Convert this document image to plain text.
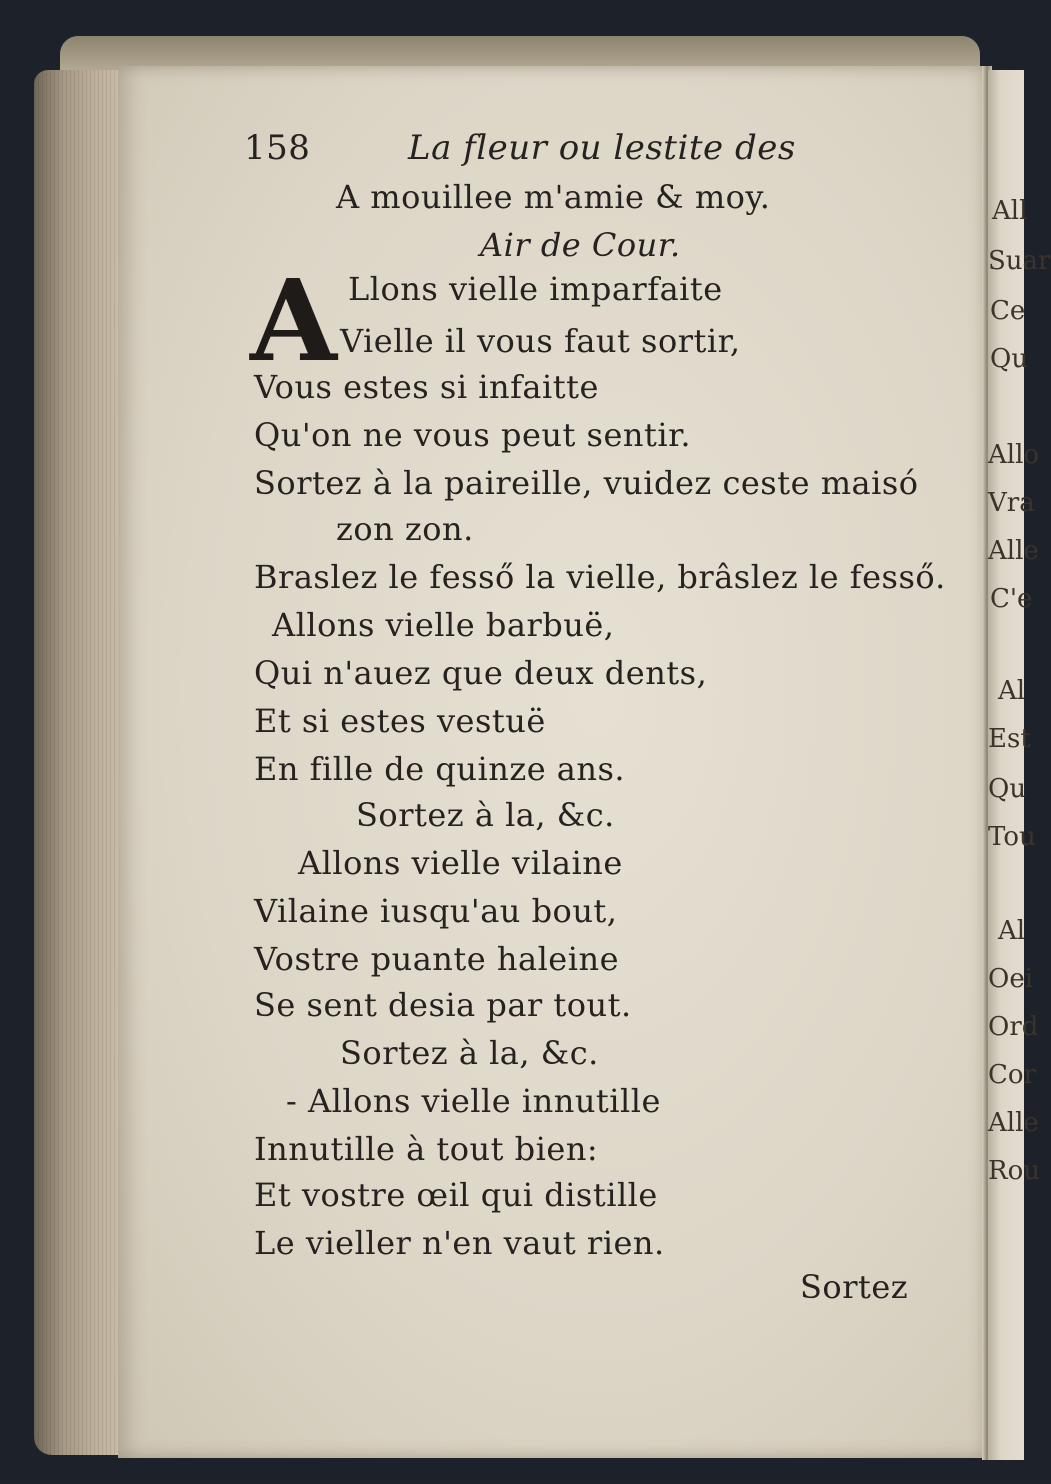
158	La fleur ou lestite des
A mouillee m'amie & moy.
Air de Cour.
A Llons vielle imparfaite
Vielle il vous faut sortir,
Vous estes si infaitte
Qu'on ne vous peut sentir.
Sortez à la paireille, vuidez ceste maisó
zon zon.
Braslez le fesső la vielle, brâslez le fesső.
Allons vielle barbuë,
Qui n'auez que deux dents,
Et si estes vestuë
En fille de quinze ans.
Sortez à la, &c.
Allons vielle vilaine
Vilaine iusqu'au bout,
Vostre puante haleine
Se sent desia par tout.
Sortez à la, &c.
- Allons vielle innutille
Innutille à tout bien:
Et vostre œil qui distille
Le vieller n'en vaut rien.
Sortez
All
Suar
Ce
Qu
Allo
Vra
Alle
C'e
Al
Est
Qu
Tou
Al
Oei
Ord
Cor
Alle
Rou
